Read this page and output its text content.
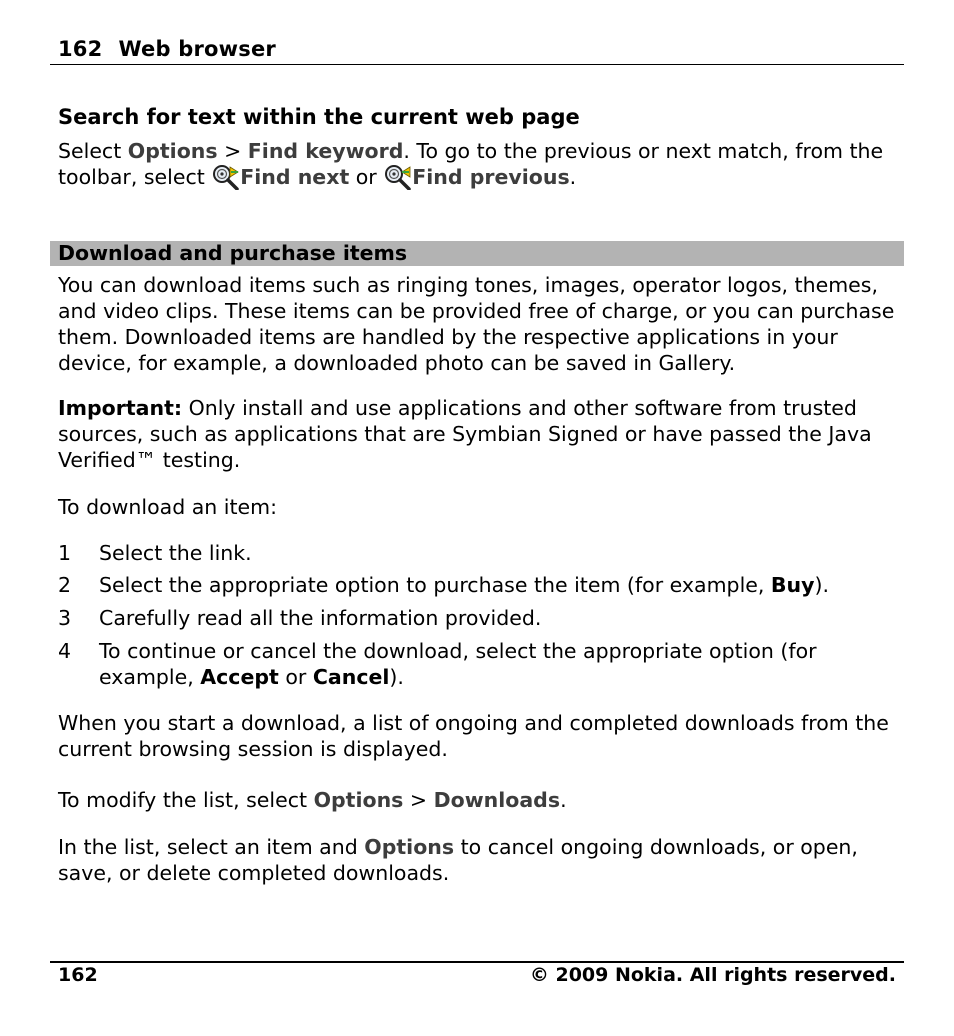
162 Web browser
Search for text within the current web page
Select Options > Find keyword. To go to the previous or next match, from the toolbar, select Find next or Find previous.
Download and purchase items
You can download items such as ringing tones, images, operator logos, themes, and video clips. These items can be provided free of charge, or you can purchase them. Downloaded items are handled by the respective applications in your device, for example, a downloaded photo can be saved in Gallery.
Important: Only install and use applications and other software from trusted sources, such as applications that are Symbian Signed or have passed the Java Verified™ testing.
To download an item:
1 Select the link.
2 Select the appropriate option to purchase the item (for example, Buy).
3 Carefully read all the information provided.
4 To continue or cancel the download, select the appropriate option (for example, Accept or Cancel).
When you start a download, a list of ongoing and completed downloads from the current browsing session is displayed.
To modify the list, select Options > Downloads.
In the list, select an item and Options to cancel ongoing downloads, or open, save, or delete completed downloads.
162	© 2009 Nokia. All rights reserved.
